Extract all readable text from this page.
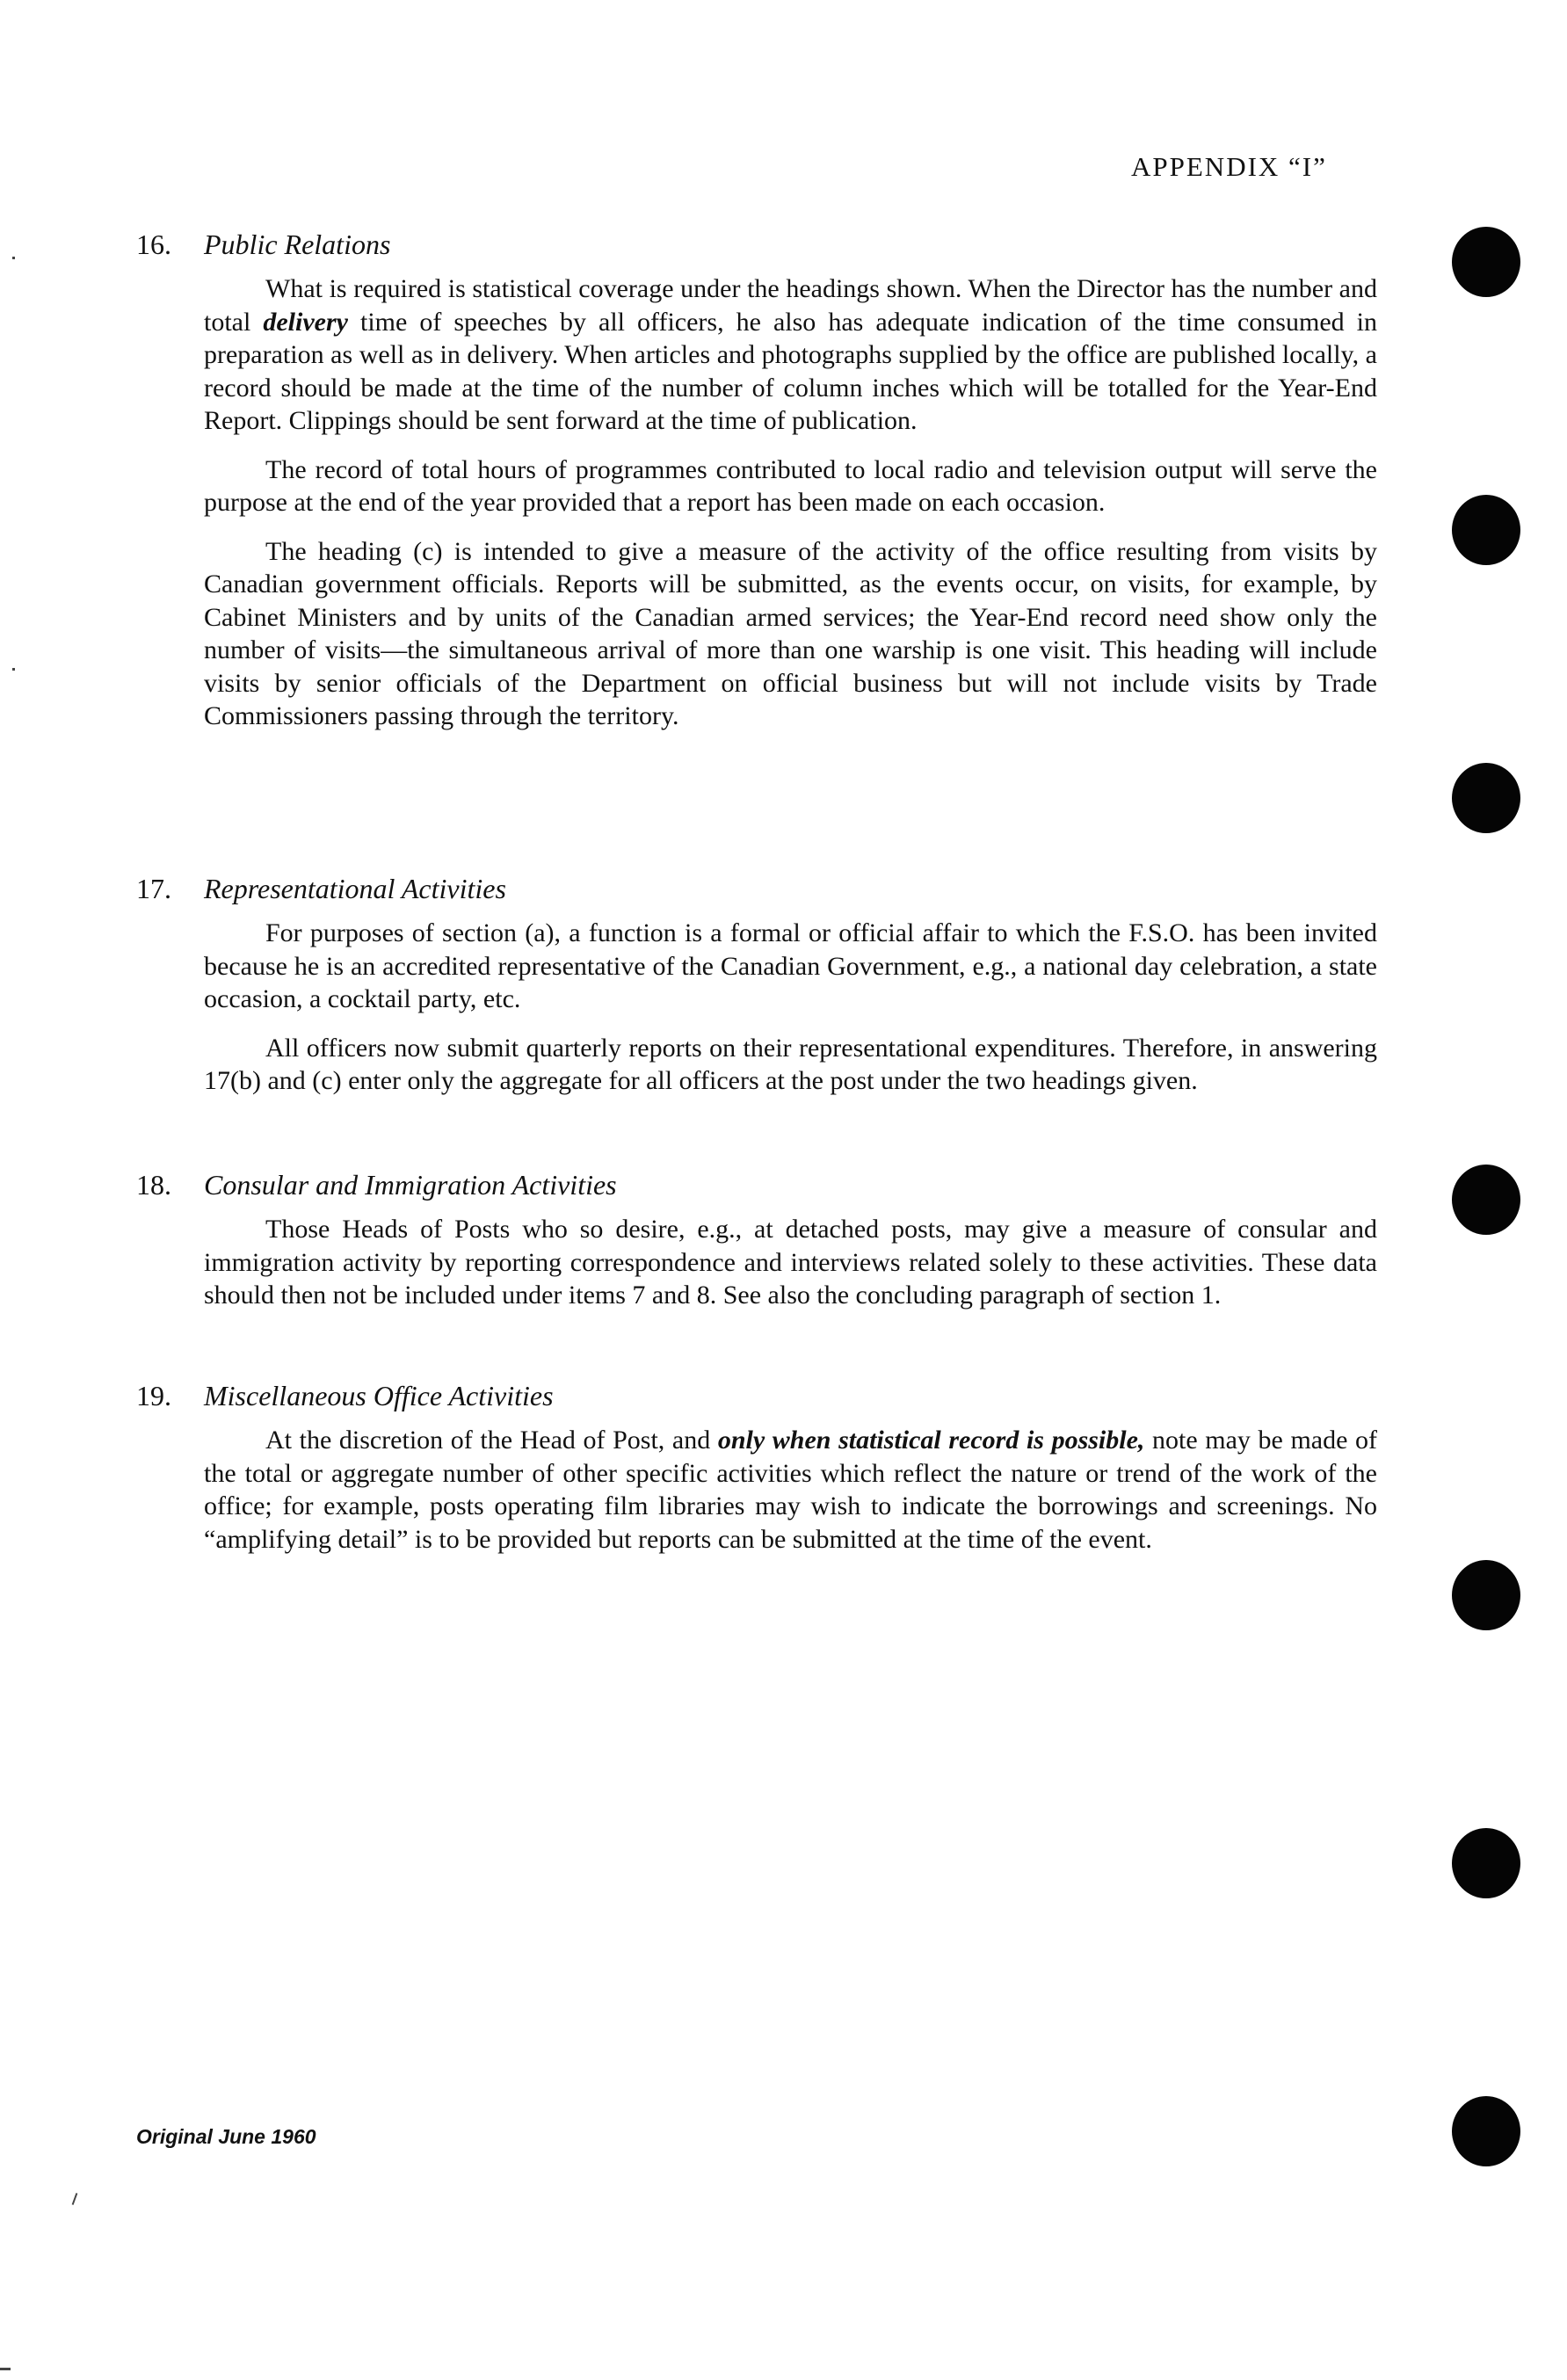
APPENDIX “I”
16. Public Relations

What is required is statistical coverage under the headings shown. When the Director has the number and total delivery time of speeches by all officers, he also has adequate indication of the time consumed in preparation as well as in delivery. When articles and photographs supplied by the office are published locally, a record should be made at the time of the number of column inches which will be totalled for the Year-End Report. Clippings should be sent forward at the time of publication.

The record of total hours of programmes contributed to local radio and television output will serve the purpose at the end of the year provided that a report has been made on each occasion.

The heading (c) is intended to give a measure of the activity of the office resulting from visits by Canadian government officials. Reports will be submitted, as the events occur, on visits, for example, by Cabinet Ministers and by units of the Canadian armed services; the Year-End record need show only the number of visits—the simultaneous arrival of more than one warship is one visit. This heading will include visits by senior officials of the Department on official business but will not include visits by Trade Commissioners passing through the territory.

17. Representational Activities

For purposes of section (a), a function is a formal or official affair to which the F.S.O. has been invited because he is an accredited representative of the Canadian Government, e.g., a national day celebration, a state occasion, a cocktail party, etc.

All officers now submit quarterly reports on their representational expenditures. Therefore, in answering 17(b) and (c) enter only the aggregate for all officers at the post under the two headings given.

18. Consular and Immigration Activities

Those Heads of Posts who so desire, e.g., at detached posts, may give a measure of consular and immigration activity by reporting correspondence and interviews related solely to these activities. These data should then not be included under items 7 and 8. See also the concluding paragraph of section 1.

19. Miscellaneous Office Activities

At the discretion of the Head of Post, and only when statistical record is possible, note may be made of the total or aggregate number of other specific activities which reflect the nature or trend of the work of the office; for example, posts operating film libraries may wish to indicate the borrowings and screenings. No “amplifying detail” is to be provided but reports can be submitted at the time of the event.

Original June 1960
